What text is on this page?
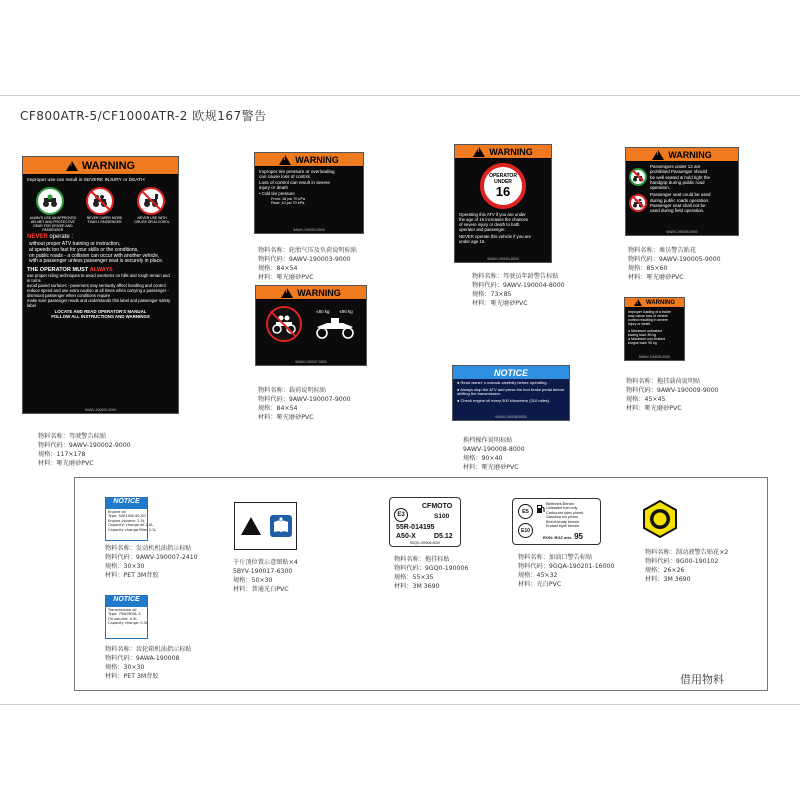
CF800ATR-5/CF1000ATR-2 欧规167警告
!
WARNING
Improper use can result in SEVERE INJURY or DEATH
ALWAYS USE AN APPROVED HELMET AND PROTECTIVE GEAR FOR DRIVER AND PASSENGER
NEVER CARRY MORE THAN 1 PASSENGER
NEVER USE WITH DRUGS OR ALCOHOL
NEVER operate :
without proper ATV training or instruction,
at speeds too fast for your skills or the conditions,
on public roads - a collision can occur with another vehicle,
with a passenger unless passenger seat is securely in place.
THE OPERATOR MUST ALWAYS
use proper riding techniques to avoid overturns on hills and rough terrain and in turns
avoid paved surfaces - pavement may seriously affect handling and control
reduce speed and use extra caution at all times when carrying a passenger - dismount passenger when conditions require
make sure passenger reads and understands this label and passenger safety label
LOCATE AND READ OPERATOR'S MANUAL
FOLLOW ALL INSTRUCTIONS AND WARNINGS
9AWV-190002-9000
物料名称：驾驶警告标贴
物料代码：9AWV-190002-9000
规格：117×178
材料：哑光磨砂PVC
!
WARNING
Improper tire pressure or overloading
can cause loss of control.
Loss of control can result in severe
injury or death
• Cold tire pressure
From: 18 psi 70 kPa
Rear: 10 psi 70 kPa
9AWV-190003-9000
物料名称：轮胎气压及负荷说明标贴
物料代码：9AWV-190003-9000
规格：84×54
材料：哑光磨砂PVC
!
WARNING
≤60 kg ≤90 kg
9AWV-190007-9000
物料名称：载荷说明标贴
物料代码：9AWV-190007-9000
规格：84×54
材料：哑光磨砂PVC
!
WARNING
OPERATOR UNDER
16
Operating this ATV if you are under
the age of 16 increases the chances
of severe injury or death to both
operator and passenger.
NEVER operate this vehicle if you are
under age 16.
9AWV-190004-8000
物料名称：驾驶员年龄警告标贴
物料代码：9AWV-190004-8000
规格：73×85
材料：哑光磨砂PVC
!
WARNING
Passengers under 12 are
prohibited Passenger should
be well seated & hold tight the
handgrip during public road
operation.
Passenger seat could be used
during public roads operation.
Passenger seat shall not be
used during field operation.
9AWV-190005-9000
物料名称：乘员警告贴花
物料代码：9AWV-190005-9000
规格：85×60
材料：哑光磨砂PVC
!
WARNING
Improper loading of a trailer
may cause loss of vehicle
control resulting in severe
injury or death.
● Maximum unbraked
towing load: 80 kg
● Maximum non-braked
tongue load: 90 kg
9AWV-190009-9000
物料名称：拖挂载荷说明贴
物料代码：9AWV-190009-9000
规格：45×45
材料：哑光磨砂PVC
NOTICE
● Read owner' s manual carefully before operating.
● Always stop the ATV and press the foot brake pedal before shifting the transmission.
● Check engine oil every 500 kilometers (310 miles).
9AWV-190008-8000
换档操作说明标贴
9AWV-190008-8000
规格：90×40
材料：哑光磨砂PVC
借用物料
NOTICE
Engine oil
Type: SAE10W-40-SG
Engine volume: 2.5L
Capacity: change oil 2.0L
Capacity change filter 2.1L
物料名称：发动机机油指示标贴
物料代码：9AWV-190007-2410
规格：30×30
材料：PET 3M背胶
NOTICE
Transmission oil
Type: 75W/90GL-5
Oil volume: 0.5L
Capacity change: 0.5L
物料名称：齿轮箱机油指示标贴
物料代码：9AWA-190008
规格：30×30
材料：PET 3M背胶
千斤顶位置示意图贴×4
5BYV-190017-6300
规格：50×30
材料：普通光白PVC
E3
CFMOTO
S100
55R-014195
A50-X	D5.12
9GQ0-190006-9000
物料名称：拖挂标贴
物料代码：9GQ0-190006
规格：55×35
材料：3M 3690
E5
E10
Bleifreies Benzin
Unleaded fuel only
Carburant sans plomb
Gasolina sin plomo
Bezolovnatý benzín
Endast blyfri bensin
RON: ROZ min. 95
物料名称：加油口警告标贴
物料代码：9GQA-190201-16000
规格：45×32
材料：光白PVC
物料名称：制动液警告贴花×2
物料代码：9G00-190102
规格：26×26
材料：3M 3690
